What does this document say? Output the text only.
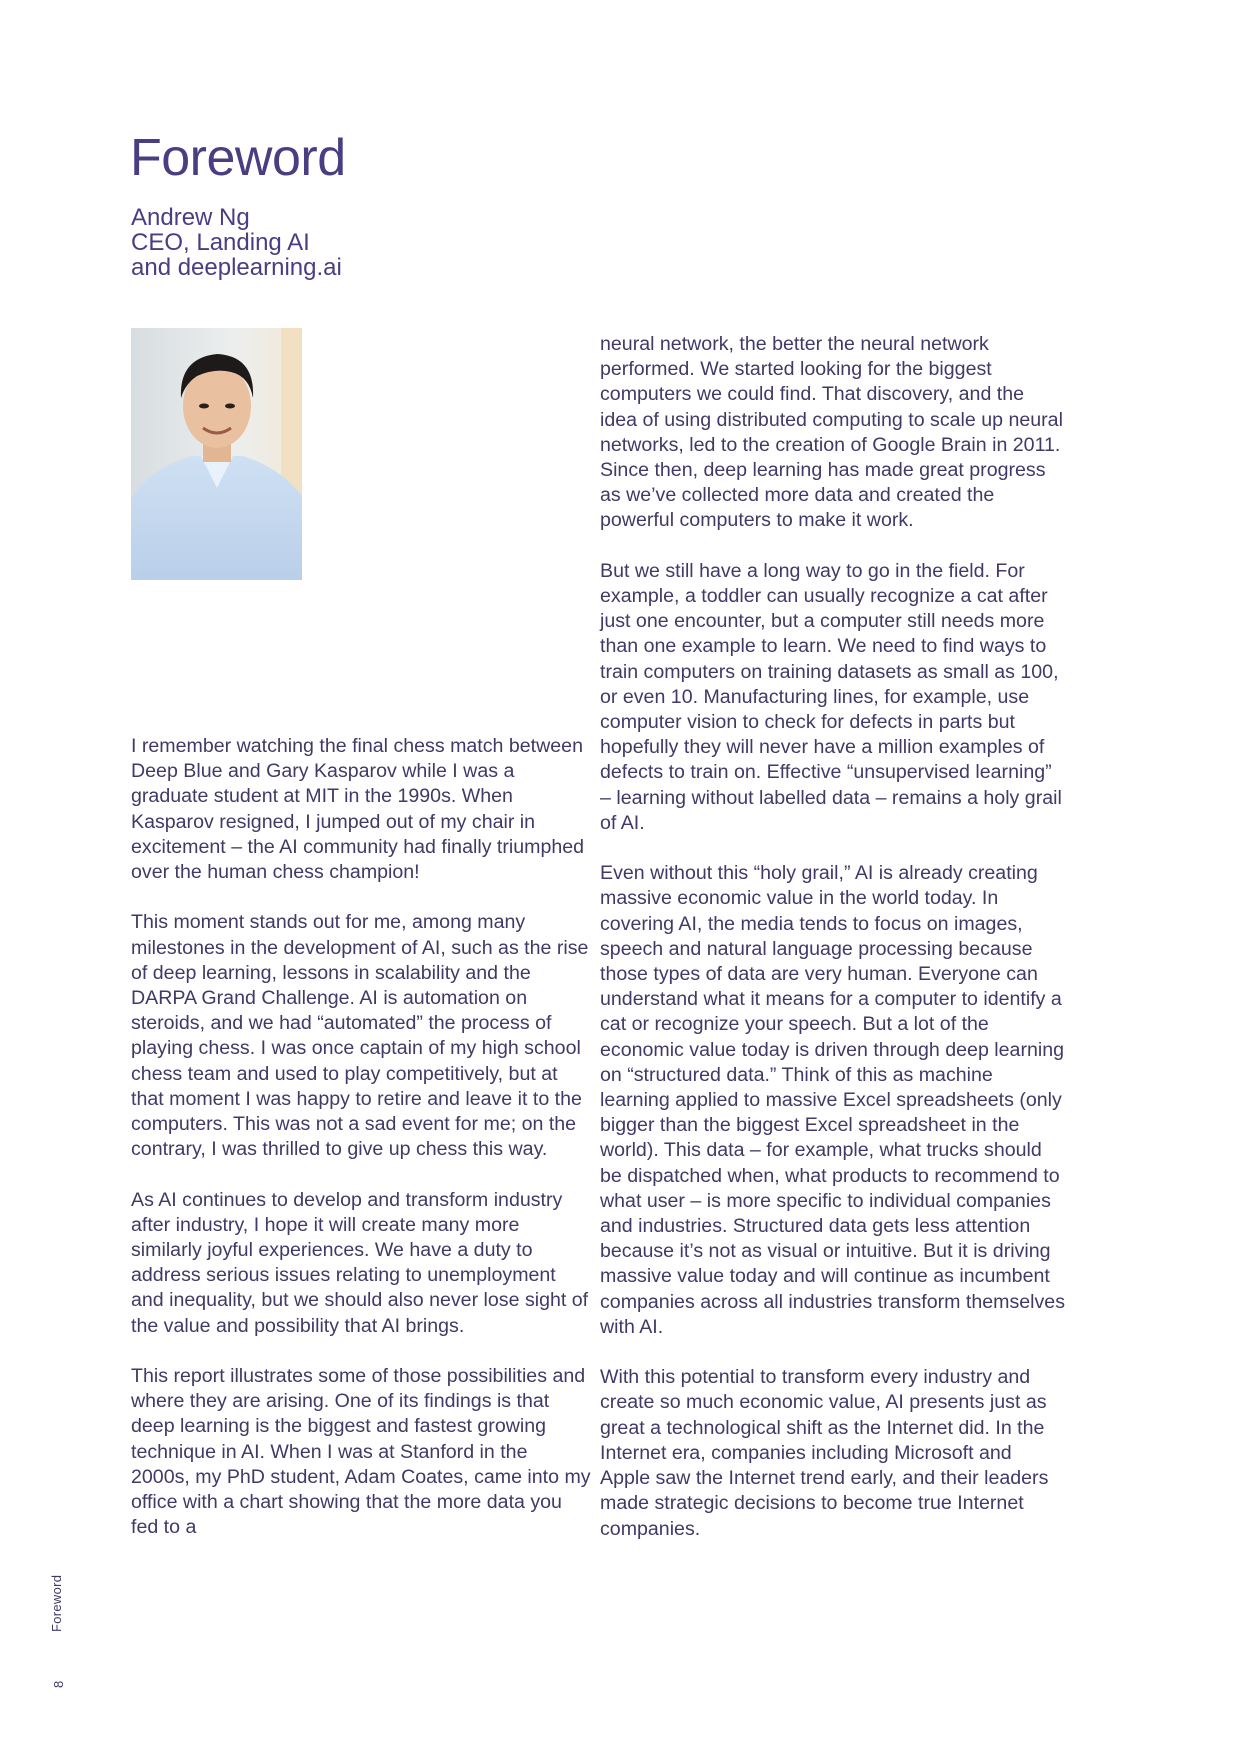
Foreword
Andrew Ng
CEO, Landing AI
and deeplearning.ai

I remember watching the final chess match between Deep Blue and Gary Kasparov while I was a graduate student at MIT in the 1990s. When Kasparov resigned, I jumped out of my chair in excitement – the AI community had finally triumphed over the human chess champion!

This moment stands out for me, among many milestones in the development of AI, such as the rise of deep learning, lessons in scalability and the DARPA Grand Challenge. AI is automation on steroids, and we had “automated” the process of playing chess. I was once captain of my high school chess team and used to play competitively, but at that moment I was happy to retire and leave it to the computers. This was not a sad event for me; on the contrary, I was thrilled to give up chess this way.

As AI continues to develop and transform industry after industry, I hope it will create many more similarly joyful experiences. We have a duty to address serious issues relating to unemployment and inequality, but we should also never lose sight of the value and possibility that AI brings.

This report illustrates some of those possibilities and where they are arising. One of its findings is that deep learning is the biggest and fastest growing technique in AI. When I was at Stanford in the 2000s, my PhD student, Adam Coates, came into my office with a chart showing that the more data you fed to a

neural network, the better the neural network performed. We started looking for the biggest computers we could find. That discovery, and the idea of using distributed computing to scale up neural networks, led to the creation of Google Brain in 2011. Since then, deep learning has made great progress as we’ve collected more data and created the powerful computers to make it work.

But we still have a long way to go in the field. For example, a toddler can usually recognize a cat after just one encounter, but a computer still needs more than one example to learn. We need to find ways to train computers on training datasets as small as 100, or even 10. Manufacturing lines, for example, use computer vision to check for defects in parts but hopefully they will never have a million examples of defects to train on. Effective “unsupervised learning” – learning without labelled data – remains a holy grail of AI.

Even without this “holy grail,” AI is already creating massive economic value in the world today. In covering AI, the media tends to focus on images, speech and natural language processing because those types of data are very human. Everyone can understand what it means for a computer to identify a cat or recognize your speech. But a lot of the economic value today is driven through deep learning on “structured data.” Think of this as machine learning applied to massive Excel spreadsheets (only bigger than the biggest Excel spreadsheet in the world). This data – for example, what trucks should be dispatched when, what products to recommend to what user – is more specific to individual companies and industries. Structured data gets less attention because it’s not as visual or intuitive. But it is driving massive value today and will continue as incumbent companies across all industries transform themselves with AI.

With this potential to transform every industry and create so much economic value, AI presents just as great a technological shift as the Internet did. In the Internet era, companies including Microsoft and Apple saw the Internet trend early, and their leaders made strategic decisions to become true Internet companies.

Foreword
8
